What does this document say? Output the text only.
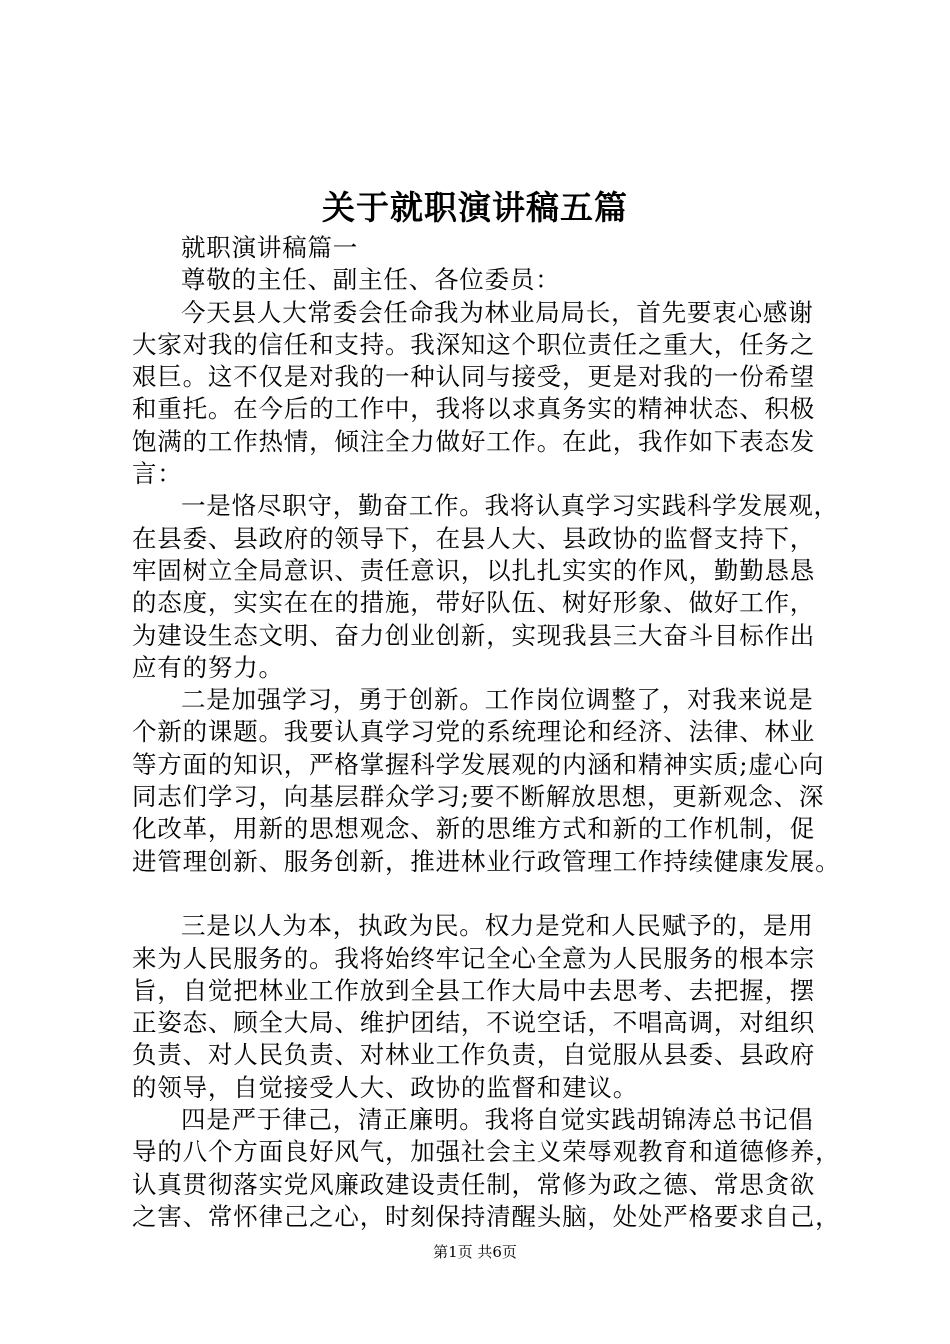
关于就职演讲稿五篇
就职演讲稿篇一
尊敬的主任、副主任、各位委员：
今天县人大常委会任命我为林业局局长，首先要衷心感谢
大家对我的信任和支持。我深知这个职位责任之重大，任务之
艰巨。这不仅是对我的一种认同与接受，更是对我的一份希望
和重托。在今后的工作中，我将以求真务实的精神状态、积极
饱满的工作热情，倾注全力做好工作。在此，我作如下表态发
言：
一是恪尽职守，勤奋工作。我将认真学习实践科学发展观，
在县委、县政府的领导下，在县人大、县政协的监督支持下，
牢固树立全局意识、责任意识，以扎扎实实的作风，勤勤恳恳
的态度，实实在在的措施，带好队伍、树好形象、做好工作，
为建设生态文明、奋力创业创新，实现我县三大奋斗目标作出
应有的努力。
二是加强学习，勇于创新。工作岗位调整了，对我来说是
个新的课题。我要认真学习党的系统理论和经济、法律、林业
等方面的知识，严格掌握科学发展观的内涵和精神实质;虚心向
同志们学习，向基层群众学习;要不断解放思想，更新观念、深
化改革，用新的思想观念、新的思维方式和新的工作机制，促
进管理创新、服务创新，推进林业行政管理工作持续健康发展。
三是以人为本，执政为民。权力是党和人民赋予的，是用
来为人民服务的。我将始终牢记全心全意为人民服务的根本宗
旨，自觉把林业工作放到全县工作大局中去思考、去把握，摆
正姿态、顾全大局、维护团结，不说空话，不唱高调，对组织
负责、对人民负责、对林业工作负责，自觉服从县委、县政府
的领导，自觉接受人大、政协的监督和建议。
四是严于律己，清正廉明。我将自觉实践胡锦涛总书记倡
导的八个方面良好风气，加强社会主义荣辱观教育和道德修养，
认真贯彻落实党风廉政建设责任制，常修为政之德、常思贪欲
之害、常怀律己之心，时刻保持清醒头脑，处处严格要求自己，
第1页 共6页
